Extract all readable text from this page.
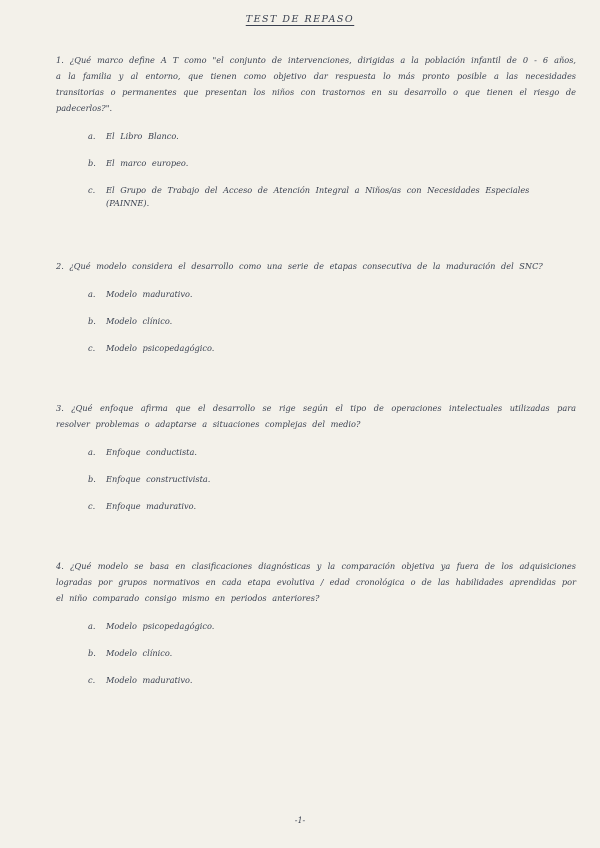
TEST DE REPASO
1. ¿Qué marco define A T como "el conjunto de intervenciones, dirigidas a la población infantil de 0 - 6 años, a la familia y al entorno, que tienen como objetivo dar respuesta lo más pronto posible a las necesidades transitorias o permanentes que presentan los niños con trastornos en su desarrollo o que tienen el riesgo de padecerlos?".
a.	El Libro Blanco.
b.	El marco europeo.
c.	El Grupo de Trabajo del Acceso de Atención Integral a Niños/as con Necesidades Especiales (PAINNE).
2. ¿Qué modelo considera el desarrollo como una serie de etapas consecutiva de la maduración del SNC?
a.	Modelo madurativo.
b.	Modelo clínico.
c.	Modelo psicopedagógico.
3. ¿Qué enfoque afirma que el desarrollo se rige según el tipo de operaciones intelectuales utilizadas para resolver problemas o adaptarse a situaciones complejas del medio?
a.	Enfoque conductista.
b.	Enfoque constructivista.
c.	Enfoque madurativo.
4. ¿Qué modelo se basa en clasificaciones diagnósticas y la comparación objetiva ya fuera de los adquisiciones logradas por grupos normativos en cada etapa evolutiva / edad cronológica o de las habilidades aprendidas por el niño comparado consigo mismo en periodos anteriores?
a.	Modelo psicopedagógico.
b.	Modelo clínico.
c.	Modelo madurativo.
-1-
